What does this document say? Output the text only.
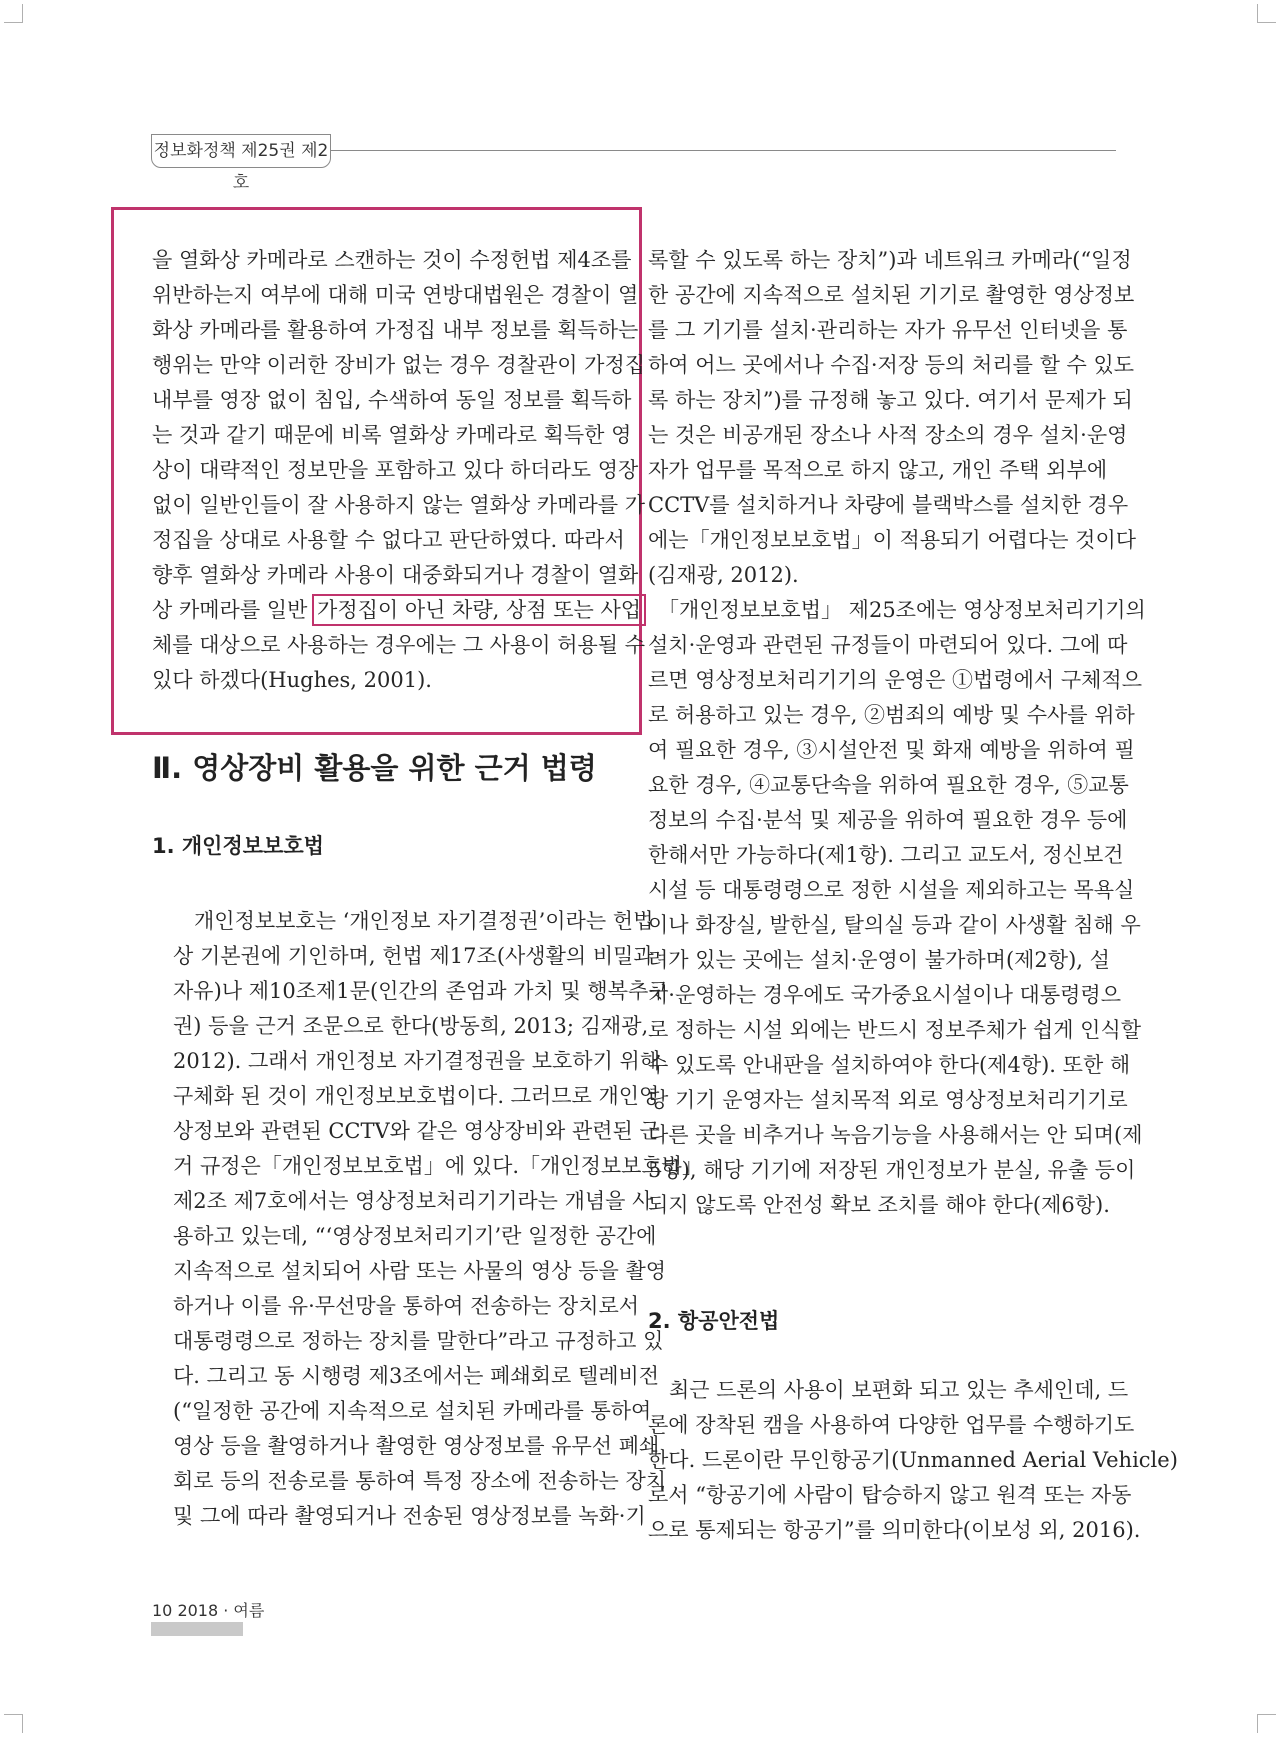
정보화정책 제25권 제2호

을 열화상 카메라로 스캔하는 것이 수정헌법 제4조를
위반하는지 여부에 대해 미국 연방대법원은 경찰이 열
화상 카메라를 활용하여 가정집 내부 정보를 획득하는
행위는 만약 이러한 장비가 없는 경우 경찰관이 가정집
내부를 영장 없이 침입, 수색하여 동일 정보를 획득하
는 것과 같기 때문에 비록 열화상 카메라로 획득한 영
상이 대략적인 정보만을 포함하고 있다 하더라도 영장
없이 일반인들이 잘 사용하지 않는 열화상 카메라를 가
정집을 상대로 사용할 수 없다고 판단하였다. 따라서
향후 열화상 카메라 사용이 대중화되거나 경찰이 열화
상 카메라를 일반 가정집이 아닌 차량, 상점 또는 사업
체를 대상으로 사용하는 경우에는 그 사용이 허용될 수
있다 하겠다(Hughes, 2001).

Ⅱ. 영상장비 활용을 위한 근거 법령
1. 개인정보보호법

개인정보보호는 ‘개인정보 자기결정권’이라는 헌법
상 기본권에 기인하며, 헌법 제17조(사생활의 비밀과
자유)나 제10조제1문(인간의 존엄과 가치 및 행복추구
권) 등을 근거 조문으로 한다(방동희, 2013; 김재광,
2012). 그래서 개인정보 자기결정권을 보호하기 위해
구체화 된 것이 개인정보보호법이다. 그러므로 개인영
상정보와 관련된 CCTV와 같은 영상장비와 관련된 근
거 규정은「개인정보보호법」에 있다.「개인정보보호법」
제2조 제7호에서는 영상정보처리기기라는 개념을 사
용하고 있는데, “‘영상정보처리기기’란 일정한 공간에
지속적으로 설치되어 사람 또는 사물의 영상 등을 촬영
하거나 이를 유·무선망을 통하여 전송하는 장치로서
대통령령으로 정하는 장치를 말한다”라고 규정하고 있
다. 그리고 동 시행령 제3조에서는 폐쇄회로 텔레비전
(“일정한 공간에 지속적으로 설치된 카메라를 통하여
영상 등을 촬영하거나 촬영한 영상정보를 유무선 폐쇄
회로 등의 전송로를 통하여 특정 장소에 전송하는 장치
및 그에 따라 촬영되거나 전송된 영상정보를 녹화·기

록할 수 있도록 하는 장치”)과 네트워크 카메라(“일정
한 공간에 지속적으로 설치된 기기로 촬영한 영상정보
를 그 기기를 설치·관리하는 자가 유무선 인터넷을 통
하여 어느 곳에서나 수집·저장 등의 처리를 할 수 있도
록 하는 장치”)를 규정해 놓고 있다. 여기서 문제가 되
는 것은 비공개된 장소나 사적 장소의 경우 설치·운영
자가 업무를 목적으로 하지 않고, 개인 주택 외부에
CCTV를 설치하거나 차량에 블랙박스를 설치한 경우
에는「개인정보보호법」이 적용되기 어렵다는 것이다
(김재광, 2012).

「개인정보보호법」 제25조에는 영상정보처리기기의
설치·운영과 관련된 규정들이 마련되어 있다. 그에 따
르면 영상정보처리기기의 운영은 ①법령에서 구체적으
로 허용하고 있는 경우, ②범죄의 예방 및 수사를 위하
여 필요한 경우, ③시설안전 및 화재 예방을 위하여 필
요한 경우, ④교통단속을 위하여 필요한 경우, ⑤교통
정보의 수집·분석 및 제공을 위하여 필요한 경우 등에
한해서만 가능하다(제1항). 그리고 교도서, 정신보건
시설 등 대통령령으로 정한 시설을 제외하고는 목욕실
이나 화장실, 발한실, 탈의실 등과 같이 사생활 침해 우
려가 있는 곳에는 설치·운영이 불가하며(제2항), 설
치·운영하는 경우에도 국가중요시설이나 대통령령으
로 정하는 시설 외에는 반드시 정보주체가 쉽게 인식할
수 있도록 안내판을 설치하여야 한다(제4항). 또한 해
당 기기 운영자는 설치목적 외로 영상정보처리기기로
다른 곳을 비추거나 녹음기능을 사용해서는 안 되며(제
5항), 해당 기기에 저장된 개인정보가 분실, 유출 등이
되지 않도록 안전성 확보 조치를 해야 한다(제6항).

2. 항공안전법

최근 드론의 사용이 보편화 되고 있는 추세인데, 드
론에 장착된 캠을 사용하여 다양한 업무를 수행하기도
한다. 드론이란 무인항공기(Unmanned Aerial Vehicle)
로서 “항공기에 사람이 탑승하지 않고 원격 또는 자동
으로 통제되는 항공기”를 의미한다(이보성 외, 2016).

10 2018 · 여름
